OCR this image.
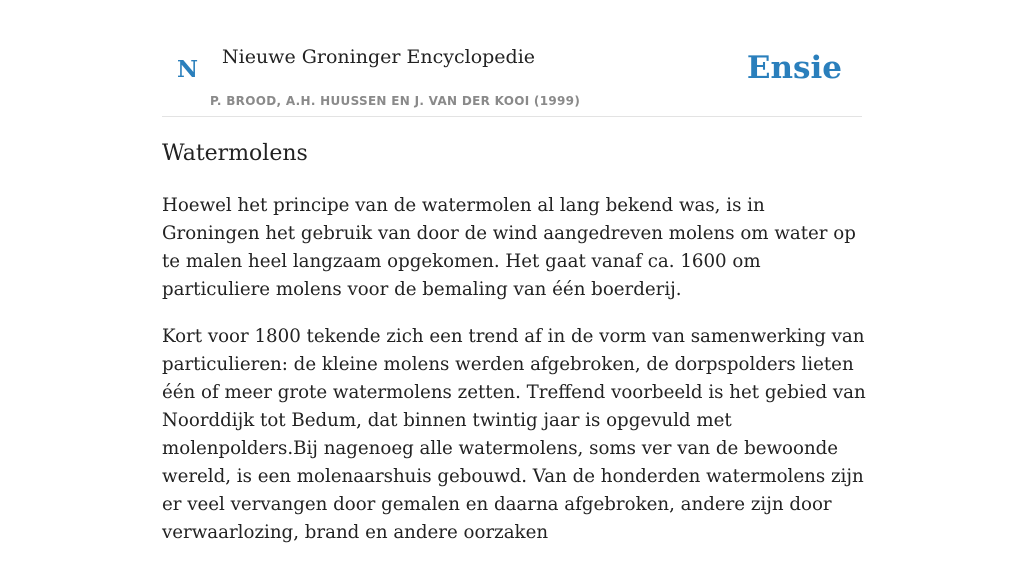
N Nieuwe Groninger Encyclopedie
P. BROOD, A.H. HUUSSEN EN J. VAN DER KOOI (1999)
Ensie
Watermolens

Hoewel het principe van de watermolen al lang bekend was, is in Groningen het gebruik van door de wind aangedreven molens om water op te malen heel langzaam opgekomen. Het gaat vanaf ca. 1600 om particuliere molens voor de bemaling van één boerderij.

Kort voor 1800 tekende zich een trend af in de vorm van samenwerking van particulieren: de kleine molens werden afgebroken, de dorpspolders lieten één of meer grote watermolens zetten. Treffend voorbeeld is het gebied van Noorddijk tot Bedum, dat binnen twintig jaar is opgevuld met molenpolders.Bij nagenoeg alle watermolens, soms ver van de bewoonde wereld, is een molenaarshuis gebouwd. Van de honderden watermolens zijn er veel vervangen door gemalen en daarna afgebroken, andere zijn door verwaarlozing, brand en andere oorzaken
